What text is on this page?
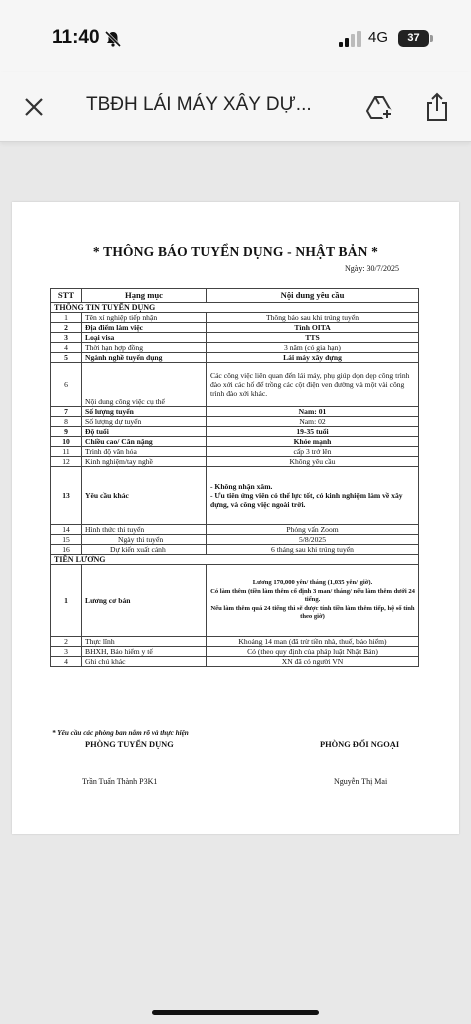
11:40	4G	37
TBĐH LÁI MÁY XÂY DỰ...
* THÔNG BÁO TUYỂN DỤNG - NHẬT BẢN *
Ngày: 30/7/2025
STT	Hạng mục	Nội dung yêu cầu
THÔNG TIN TUYỂN DỤNG		
1	Tên xí nghiệp tiếp nhận	Thông báo sau khi trúng tuyển
2	Địa điểm làm việc	Tỉnh OITA
3	Loại visa	TTS
4	Thời hạn hợp đồng	3 năm (có gia hạn)
5	Ngành nghề tuyển dụng	Lái máy xây dựng
6	Nội dung công việc cụ thể	Các công việc liên quan đến lái máy, phụ giúp dọn dẹp công trình đào xới các hố để trồng các cột điện ven đường và một vài công trình đào xới khác.
7	Số lượng tuyển	Nam: 01
8	Số lượng dự tuyển	Nam: 02
9	Độ tuổi	19-35 tuổi
10	Chiều cao/ Cân nặng	Khỏe mạnh
11	Trình độ văn hóa	cấp 3 trở lên
12	Kinh nghiệm/tay nghề	Không yêu cầu
13	Yêu cầu khác	- Không nhận xăm.
- Ưu tiên ứng viên có thể lực tốt, có kinh nghiệm làm về xây dựng, và công việc ngoài trời.

14	Hình thức thi tuyển	Phỏng vấn Zoom
15	Ngày thi tuyển	5/8/2025
16	Dự kiến xuất cảnh	6 tháng sau khi trúng tuyển
TIỀN LƯƠNG		
1	Lương cơ bản	Lương 170,000 yên/ tháng (1,035 yên/ giờ).
Có làm thêm (tiền làm thêm cố định 3 man/ tháng/ nếu làm thêm dưới 24 tiếng.
Nếu làm thêm quá 24 tiếng thì sẽ được tính tiền làm thêm tiếp, hệ số tính theo giờ)

2	Thực lĩnh	Khoảng 14 man (đã trừ tiền nhà, thuế, bảo hiểm)
3	BHXH, Bảo hiểm y tế	Có (theo quy định của pháp luật Nhật Bản)
4	Ghi chú khác	XN đã có người VN
* Yêu cầu các phòng ban nắm rõ và thực hiện
PHÒNG TUYỂN DỤNG	PHÒNG ĐỐI NGOẠI
Trần Tuấn Thành P3K1	Nguyễn Thị Mai
